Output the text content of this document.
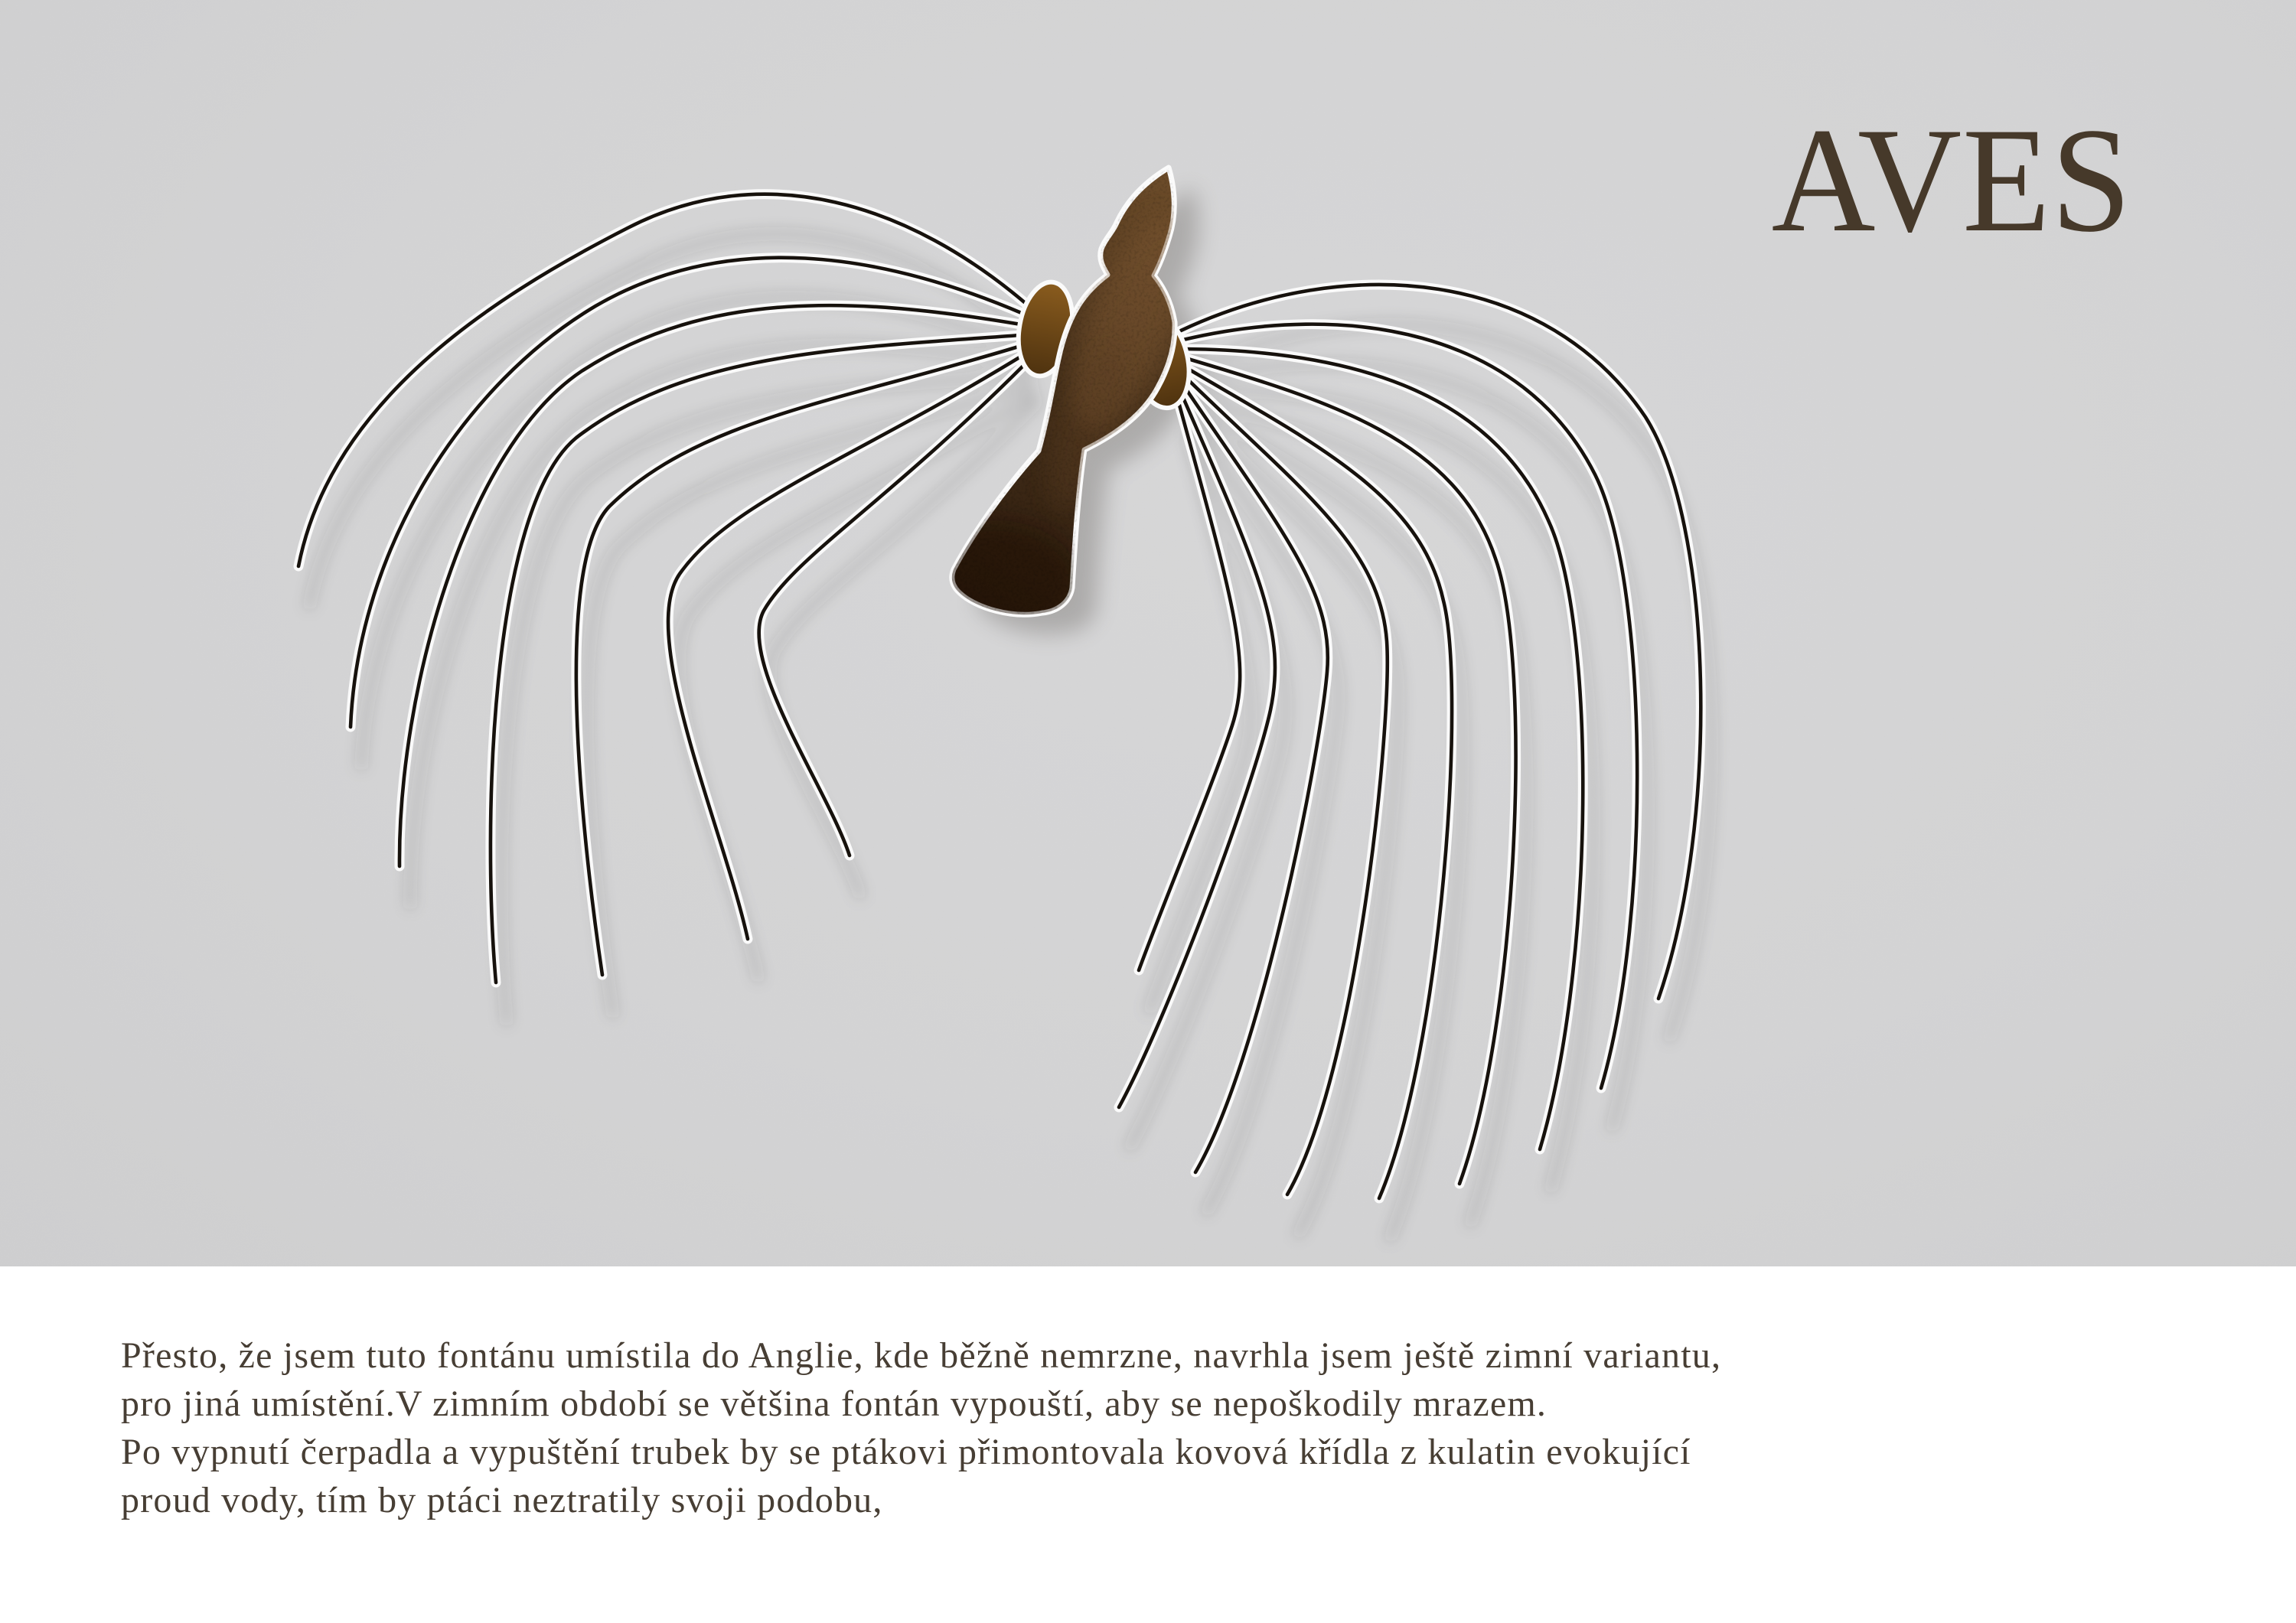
AVES

Přesto, že jsem tuto fontánu umístila do Anglie, kde běžně nemrzne, navrhla jsem ještě zimní variantu,

pro jiná umístění.V zimním období se většina fontán vypouští, aby se nepoškodily mrazem.

Po vypnutí čerpadla a vypuštění trubek by se ptákovi přimontovala kovová křídla z kulatin evokující

proud vody, tím by ptáci neztratily svoji podobu,
